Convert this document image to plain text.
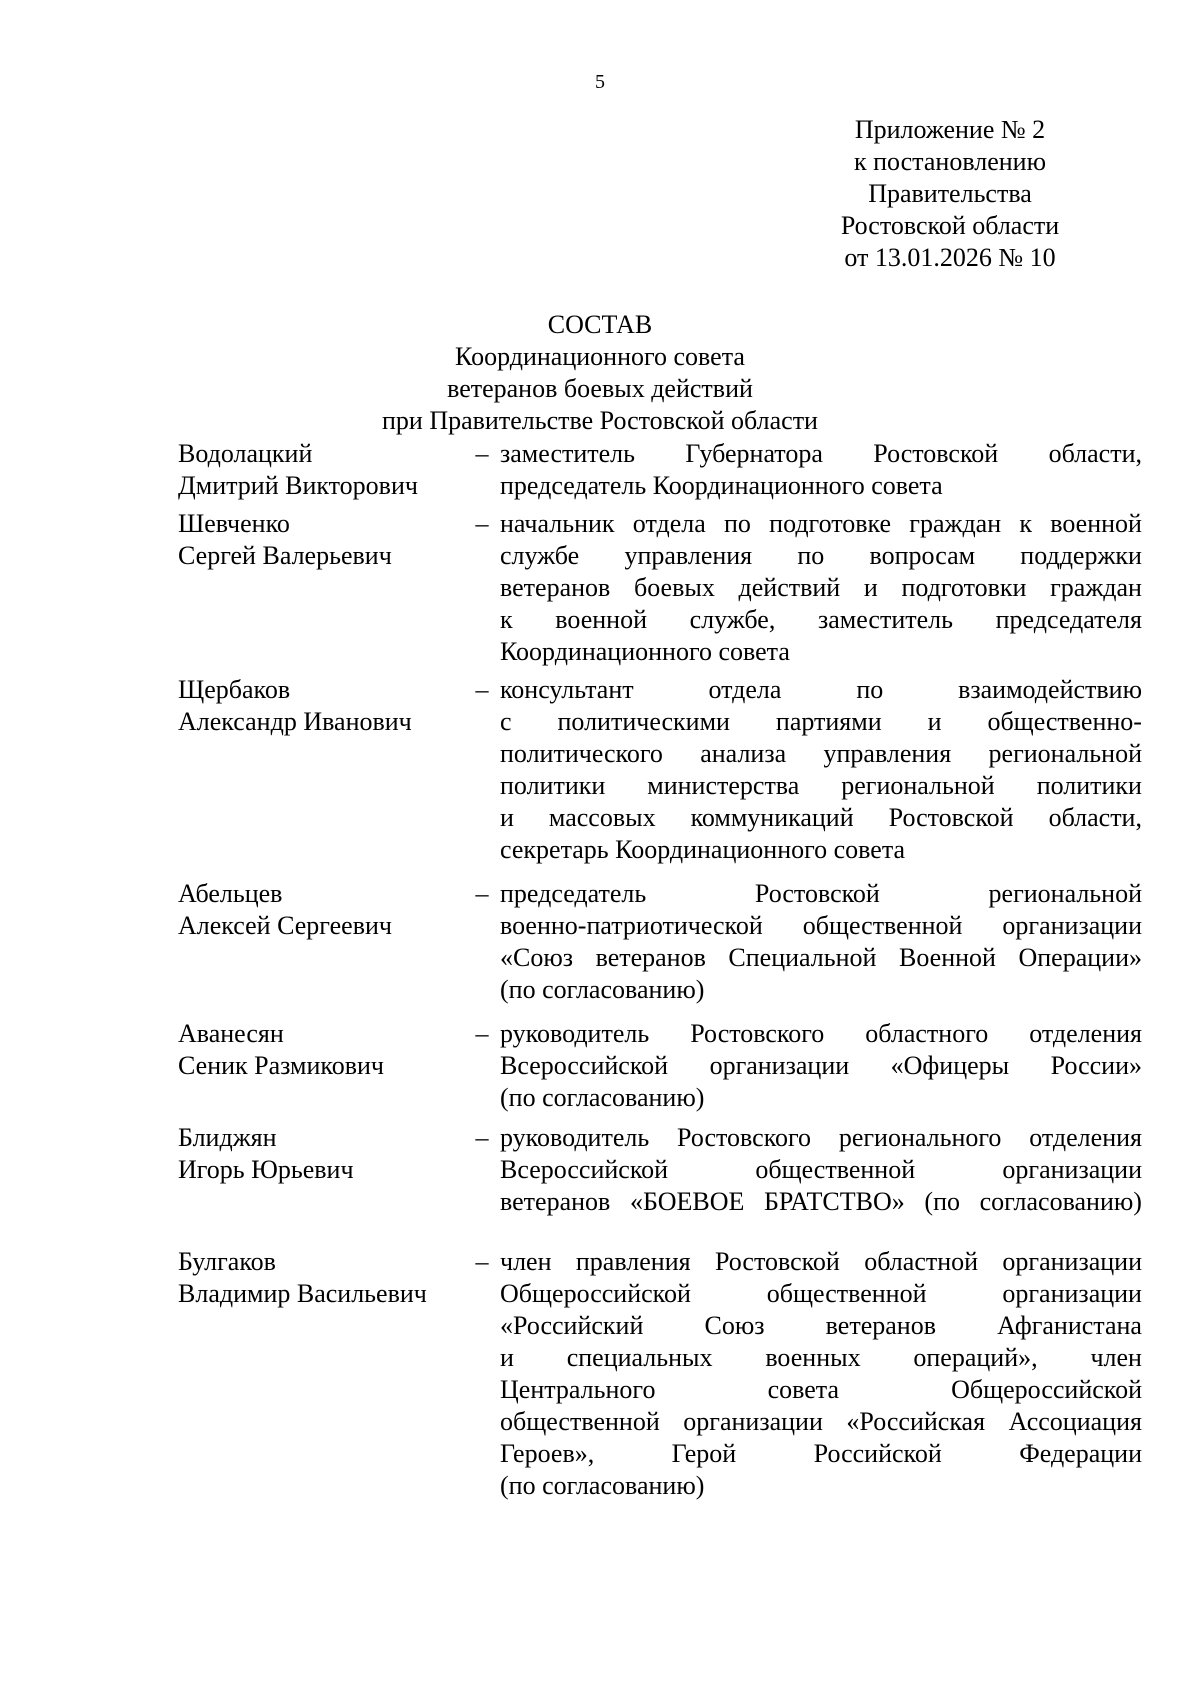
5
Приложение № 2
к постановлению
Правительства
Ростовской области
от 13.01.2026 № 10
СОСТАВ
Координационного совета
ветеранов боевых действий
при Правительстве Ростовской области
Водолацкий
Дмитрий Викторович
– заместитель Губернатора Ростовской области,
председатель Координационного совета
Шевченко
Сергей Валерьевич
– начальник отдела по подготовке граждан к военной
службе управления по вопросам поддержки
ветеранов боевых действий и подготовки граждан
к военной службе, заместитель председателя
Координационного совета
Щербаков
Александр Иванович
– консультант	отдела	по	взаимодействию
с политическими партиями и общественно-
политического анализа управления региональной
политики министерства региональной политики
и массовых коммуникаций Ростовской области,
секретарь Координационного совета
Абельцев
Алексей Сергеевич
– председатель	Ростовской	региональной
военно-патриотической общественной организации
«Союз ветеранов Специальной Военной Операции»
(по согласованию)
Аванесян
Сеник Размикович
– руководитель Ростовского областного отделения
Всероссийской организации «Офицеры России»
(по согласованию)
Блиджян
Игорь Юрьевич
– руководитель Ростовского регионального отделения
Всероссийской	общественной	организации
ветеранов «БОЕВОЕ БРАТСТВО» (по согласованию)
Булгаков
Владимир Васильевич
– член правления Ростовской областной организации
Общероссийской	общественной	организации
«Российский Союз ветеранов Афганистана
и специальных военных операций», член
Центрального	совета	Общероссийской
общественной организации «Российская Ассоциация
Героев»,	Герой	Российской	Федерации
(по согласованию)
